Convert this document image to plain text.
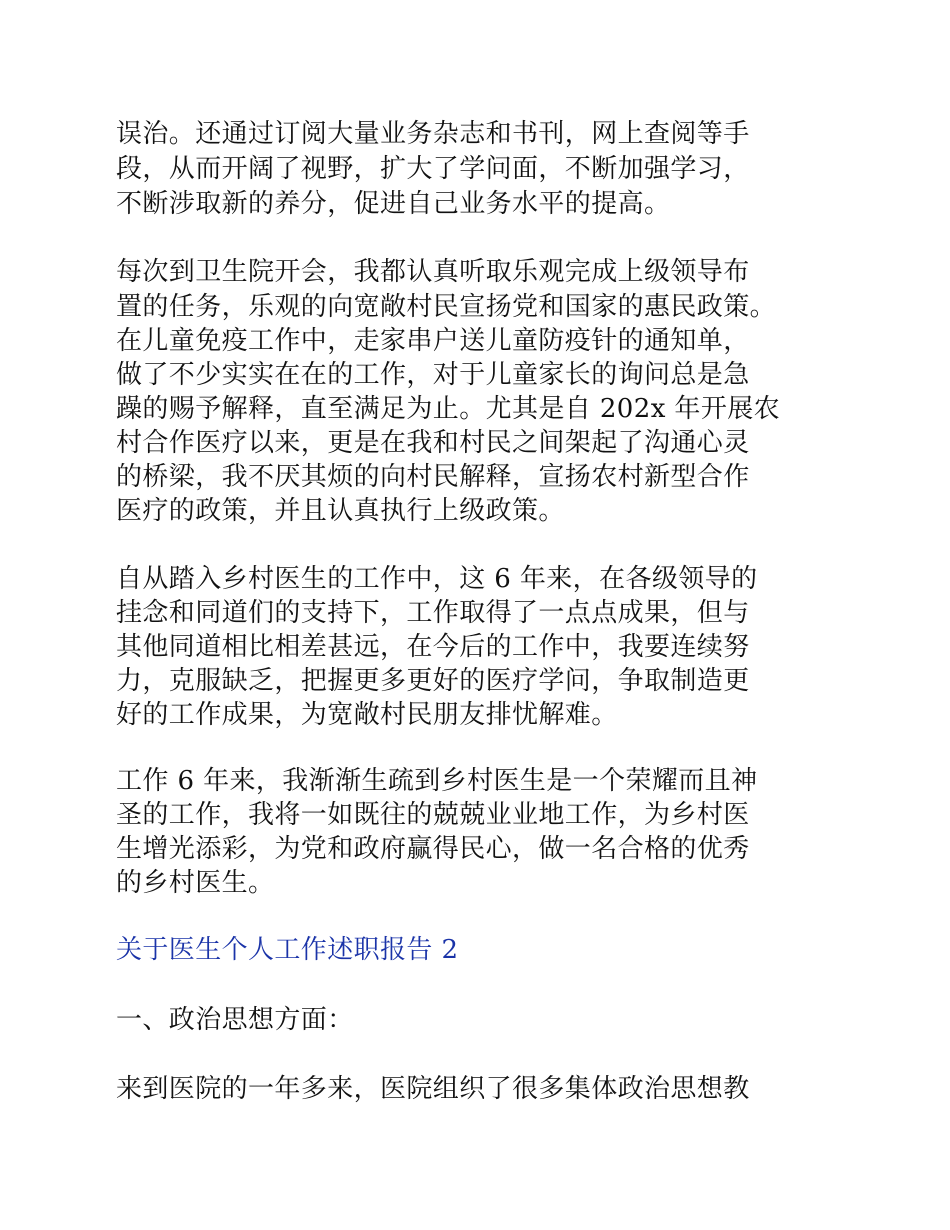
误治。还通过订阅大量业务杂志和书刊，网上查阅等手
段，从而开阔了视野，扩大了学问面，不断加强学习，
不断涉取新的养分，促进自己业务水平的提高。
每次到卫生院开会，我都认真听取乐观完成上级领导布
置的任务，乐观的向宽敞村民宣扬党和国家的惠民政策。
在儿童免疫工作中，走家串户送儿童防疫针的通知单，
做了不少实实在在的工作，对于儿童家长的询问总是急
躁的赐予解释，直至满足为止。尤其是自 202x 年开展农
村合作医疗以来，更是在我和村民之间架起了沟通心灵
的桥梁，我不厌其烦的向村民解释，宣扬农村新型合作
医疗的政策，并且认真执行上级政策。
自从踏入乡村医生的工作中，这 6 年来，在各级领导的
挂念和同道们的支持下，工作取得了一点点成果，但与
其他同道相比相差甚远，在今后的工作中，我要连续努
力，克服缺乏，把握更多更好的医疗学问，争取制造更
好的工作成果，为宽敞村民朋友排忧解难。
工作 6 年来，我渐渐生疏到乡村医生是一个荣耀而且神
圣的工作，我将一如既往的兢兢业业地工作，为乡村医
生增光添彩，为党和政府赢得民心，做一名合格的优秀
的乡村医生。
关于医生个人工作述职报告 2
一、政治思想方面：
来到医院的一年多来，医院组织了很多集体政治思想教
